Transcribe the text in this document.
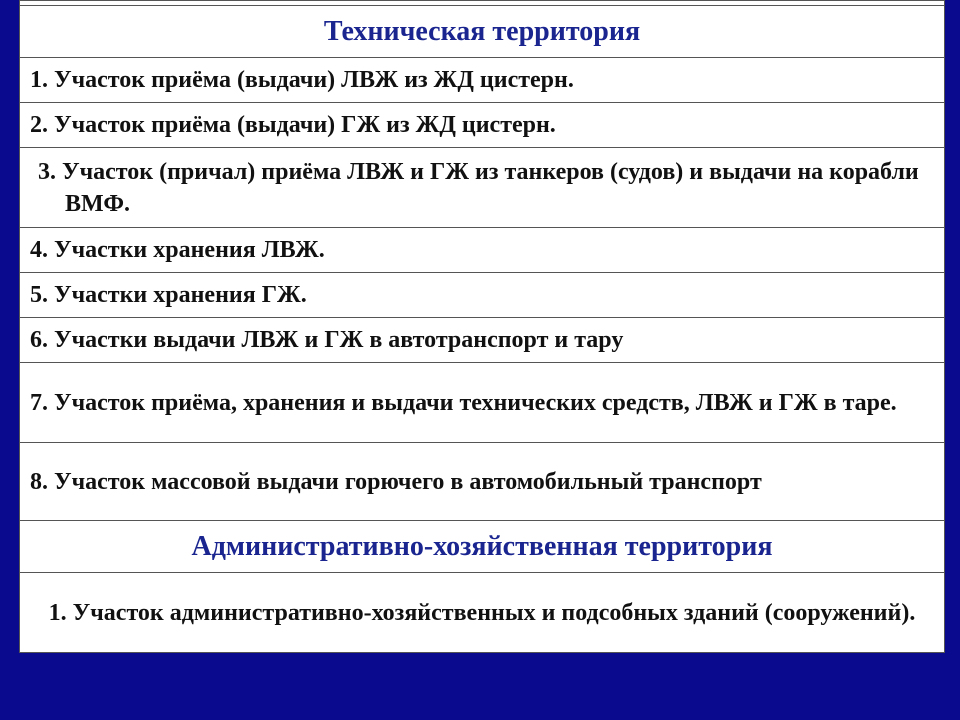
Техническая территория

1. Участок приёма (выдачи) ЛВЖ из ЖД цистерн.

2. Участок приёма (выдачи) ГЖ из ЖД цистерн.

3. Участок (причал) приёма ЛВЖ и ГЖ из танкеров (судов) и выдачи на корабли ВМФ.

4. Участки хранения ЛВЖ.

5. Участки хранения ГЖ.

6. Участки выдачи ЛВЖ и ГЖ в автотранспорт и тару

7. Участок приёма, хранения и выдачи технических средств, ЛВЖ и ГЖ в таре.

8. Участок массовой выдачи горючего в автомобильный транспорт

Административно-хозяйственная территория
1. Участок административно-хозяйственных и подсобных зданий (сооружений).
